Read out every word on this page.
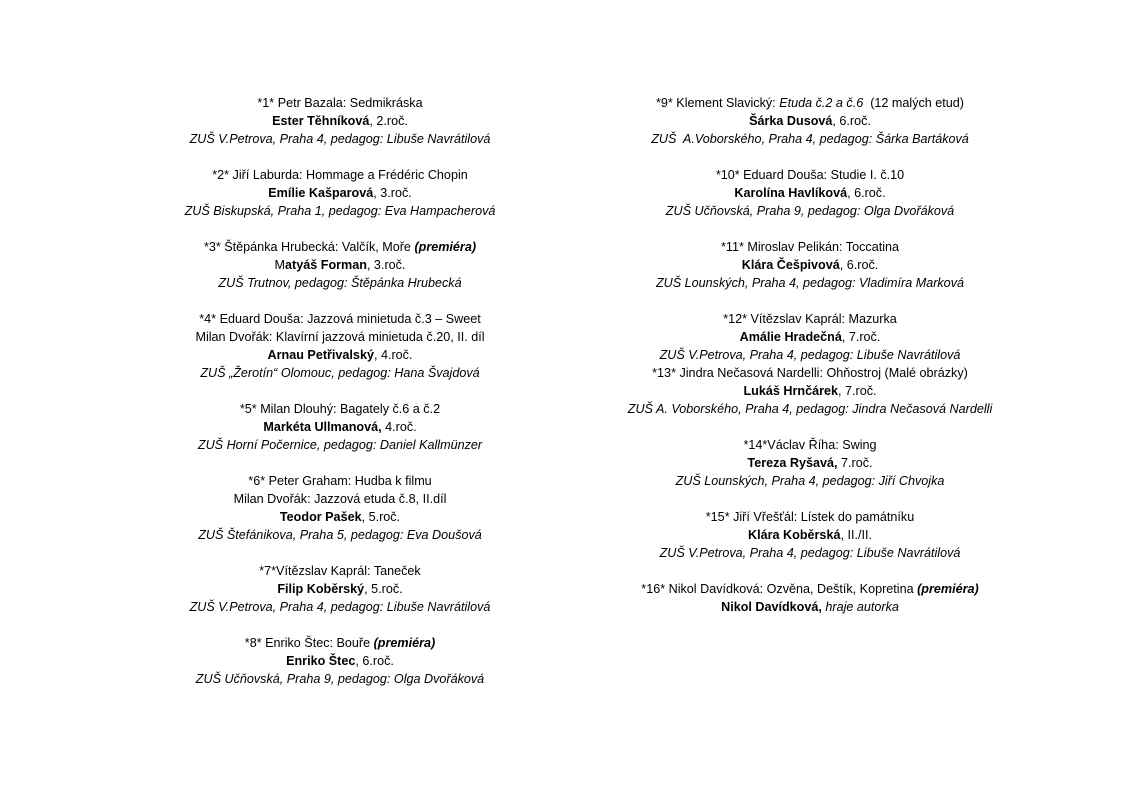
*1* Petr Bazala: Sedmikráska
Ester Těhníková, 2.roč.
ZUŠ V.Petrova, Praha 4, pedagog: Libuše Navrátilová
*2* Jiří Laburda: Hommage a Frédéric Chopin
Emílie Kašparová, 3.roč.
ZUŠ Biskupská, Praha 1, pedagog: Eva Hampacherová
*3* Štěpánka Hrubecká: Valčík, Moře (premiéra)
Matyáš Forman, 3.roč.
ZUŠ Trutnov, pedagog: Štěpánka Hrubecká
*4* Eduard Douša: Jazzová minietuda č.3 – Sweet
Milan Dvořák: Klavírní jazzová minietuda č.20, II. díl
Arnau Petřivalský, 4.roč.
ZUŠ „Žerotín“ Olomouc, pedagog: Hana Švajdová
*5* Milan Dlouhý: Bagately č.6 a č.2
Markéta Ullmanová, 4.roč.
ZUŠ Horní Počernice, pedagog: Daniel Kallmünzer
*6* Peter Graham: Hudba k filmu
Milan Dvořák: Jazzová etuda č.8, II.díl
Teodor Pašek, 5.roč.
ZUŠ Štefánikova, Praha 5, pedagog: Eva Doušová
*7*Vítězslav Kaprál: Taneček
Filip Koběrský, 5.roč.
ZUŠ V.Petrova, Praha 4, pedagog: Libuše Navrátilová
*8* Enriko Štec: Bouře (premiéra)
Enriko Štec, 6.roč.
ZUŠ Učňovská, Praha 9, pedagog: Olga Dvořáková
*9* Klement Slavický: Etuda č.2 a č.6  (12 malých etud)
Šárka Dusová, 6.roč.
ZUŠ  A.Voborského, Praha 4, pedagog: Šárka Bartáková
*10* Eduard Douša: Studie I. č.10
Karolína Havlíková, 6.roč.
ZUŠ Učňovská, Praha 9, pedagog: Olga Dvořáková
*11* Miroslav Pelikán: Toccatina
Klára Češpivová, 6.roč.
ZUŠ Lounských, Praha 4, pedagog: Vladimíra Marková
*12* Vítězslav Kaprál: Mazurka
Amálie Hradečná, 7.roč.
ZUŠ V.Petrova, Praha 4, pedagog: Libuše Navrátilová
*13* Jindra Nečasová Nardelli: Ohňostroj (Malé obrázky)
Lukáš Hrnčárek, 7.roč.
ZUŠ A. Voborského, Praha 4, pedagog: Jindra Nečasová Nardelli
*14*Václav Říha: Swing
Tereza Ryšavá, 7.roč.
ZUŠ Lounských, Praha 4, pedagog: Jiří Chvojka
*15* Jiří Vřešťál: Lístek do památníku
Klára Koběrská, II./II.
ZUŠ V.Petrova, Praha 4, pedagog: Libuše Navrátilová
*16* Nikol Davídková: Ozvěna, Deštík, Kopretina (premiéra)
Nikol Davídková, hraje autorka
